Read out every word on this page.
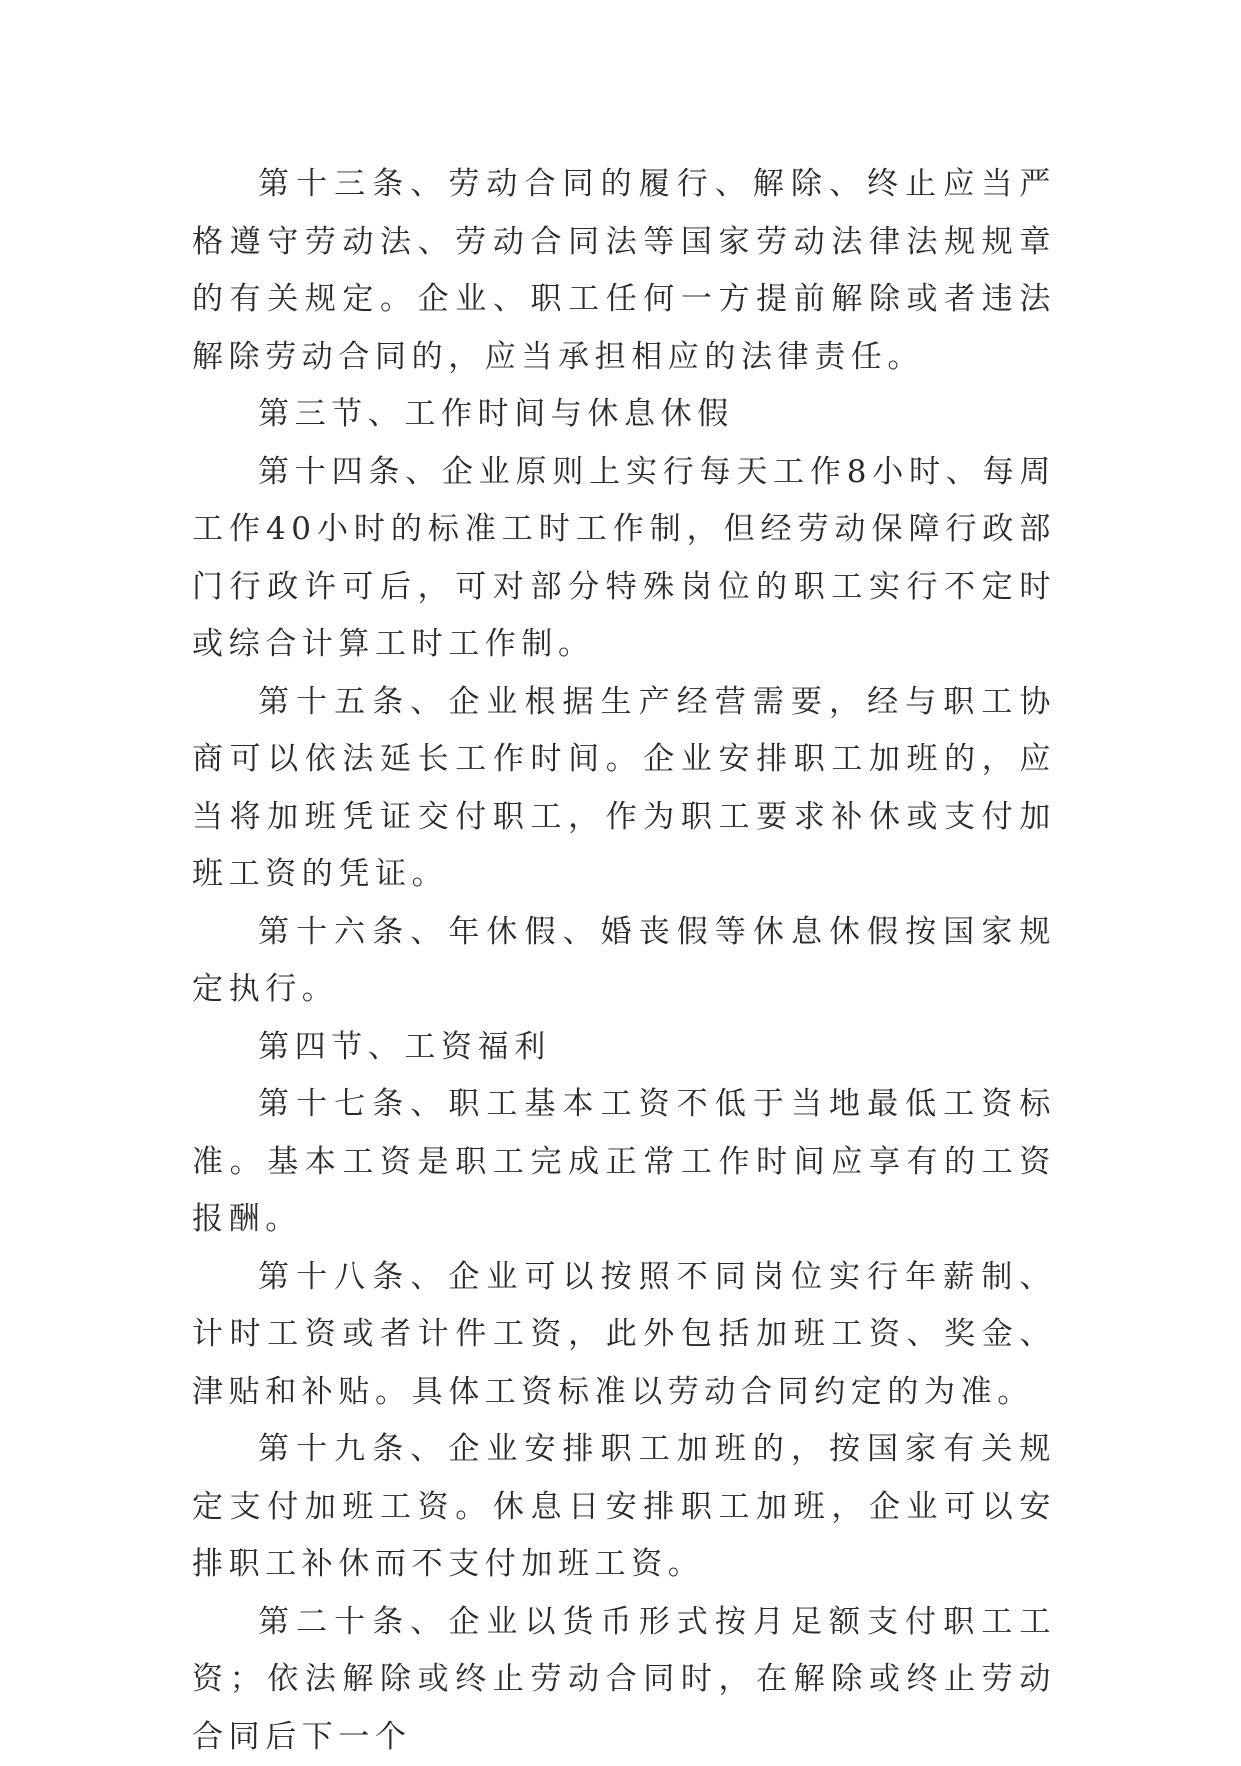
第十三条、劳动合同的履行、解除、终止应当严格遵守劳动法、劳动合同法等国家劳动法律法规规章的有关规定。企业、职工任何一方提前解除或者违法解除劳动合同的，应当承担相应的法律责任。

第三节、工作时间与休息休假

第十四条、企业原则上实行每天工作8小时、每周工作40小时的标准工时工作制，但经劳动保障行政部门行政许可后，可对部分特殊岗位的职工实行不定时或综合计算工时工作制。

第十五条、企业根据生产经营需要，经与职工协商可以依法延长工作时间。企业安排职工加班的，应当将加班凭证交付职工，作为职工要求补休或支付加班工资的凭证。

第十六条、年休假、婚丧假等休息休假按国家规定执行。

第四节、工资福利

第十七条、职工基本工资不低于当地最低工资标准。基本工资是职工完成正常工作时间应享有的工资报酬。

第十八条、企业可以按照不同岗位实行年薪制、计时工资或者计件工资，此外包括加班工资、奖金、津贴和补贴。具体工资标准以劳动合同约定的为准。

第十九条、企业安排职工加班的，按国家有关规定支付加班工资。休息日安排职工加班，企业可以安排职工补休而不支付加班工资。

第二十条、企业以货币形式按月足额支付职工工资；依法解除或终止劳动合同时，在解除或终止劳动合同后下一个
